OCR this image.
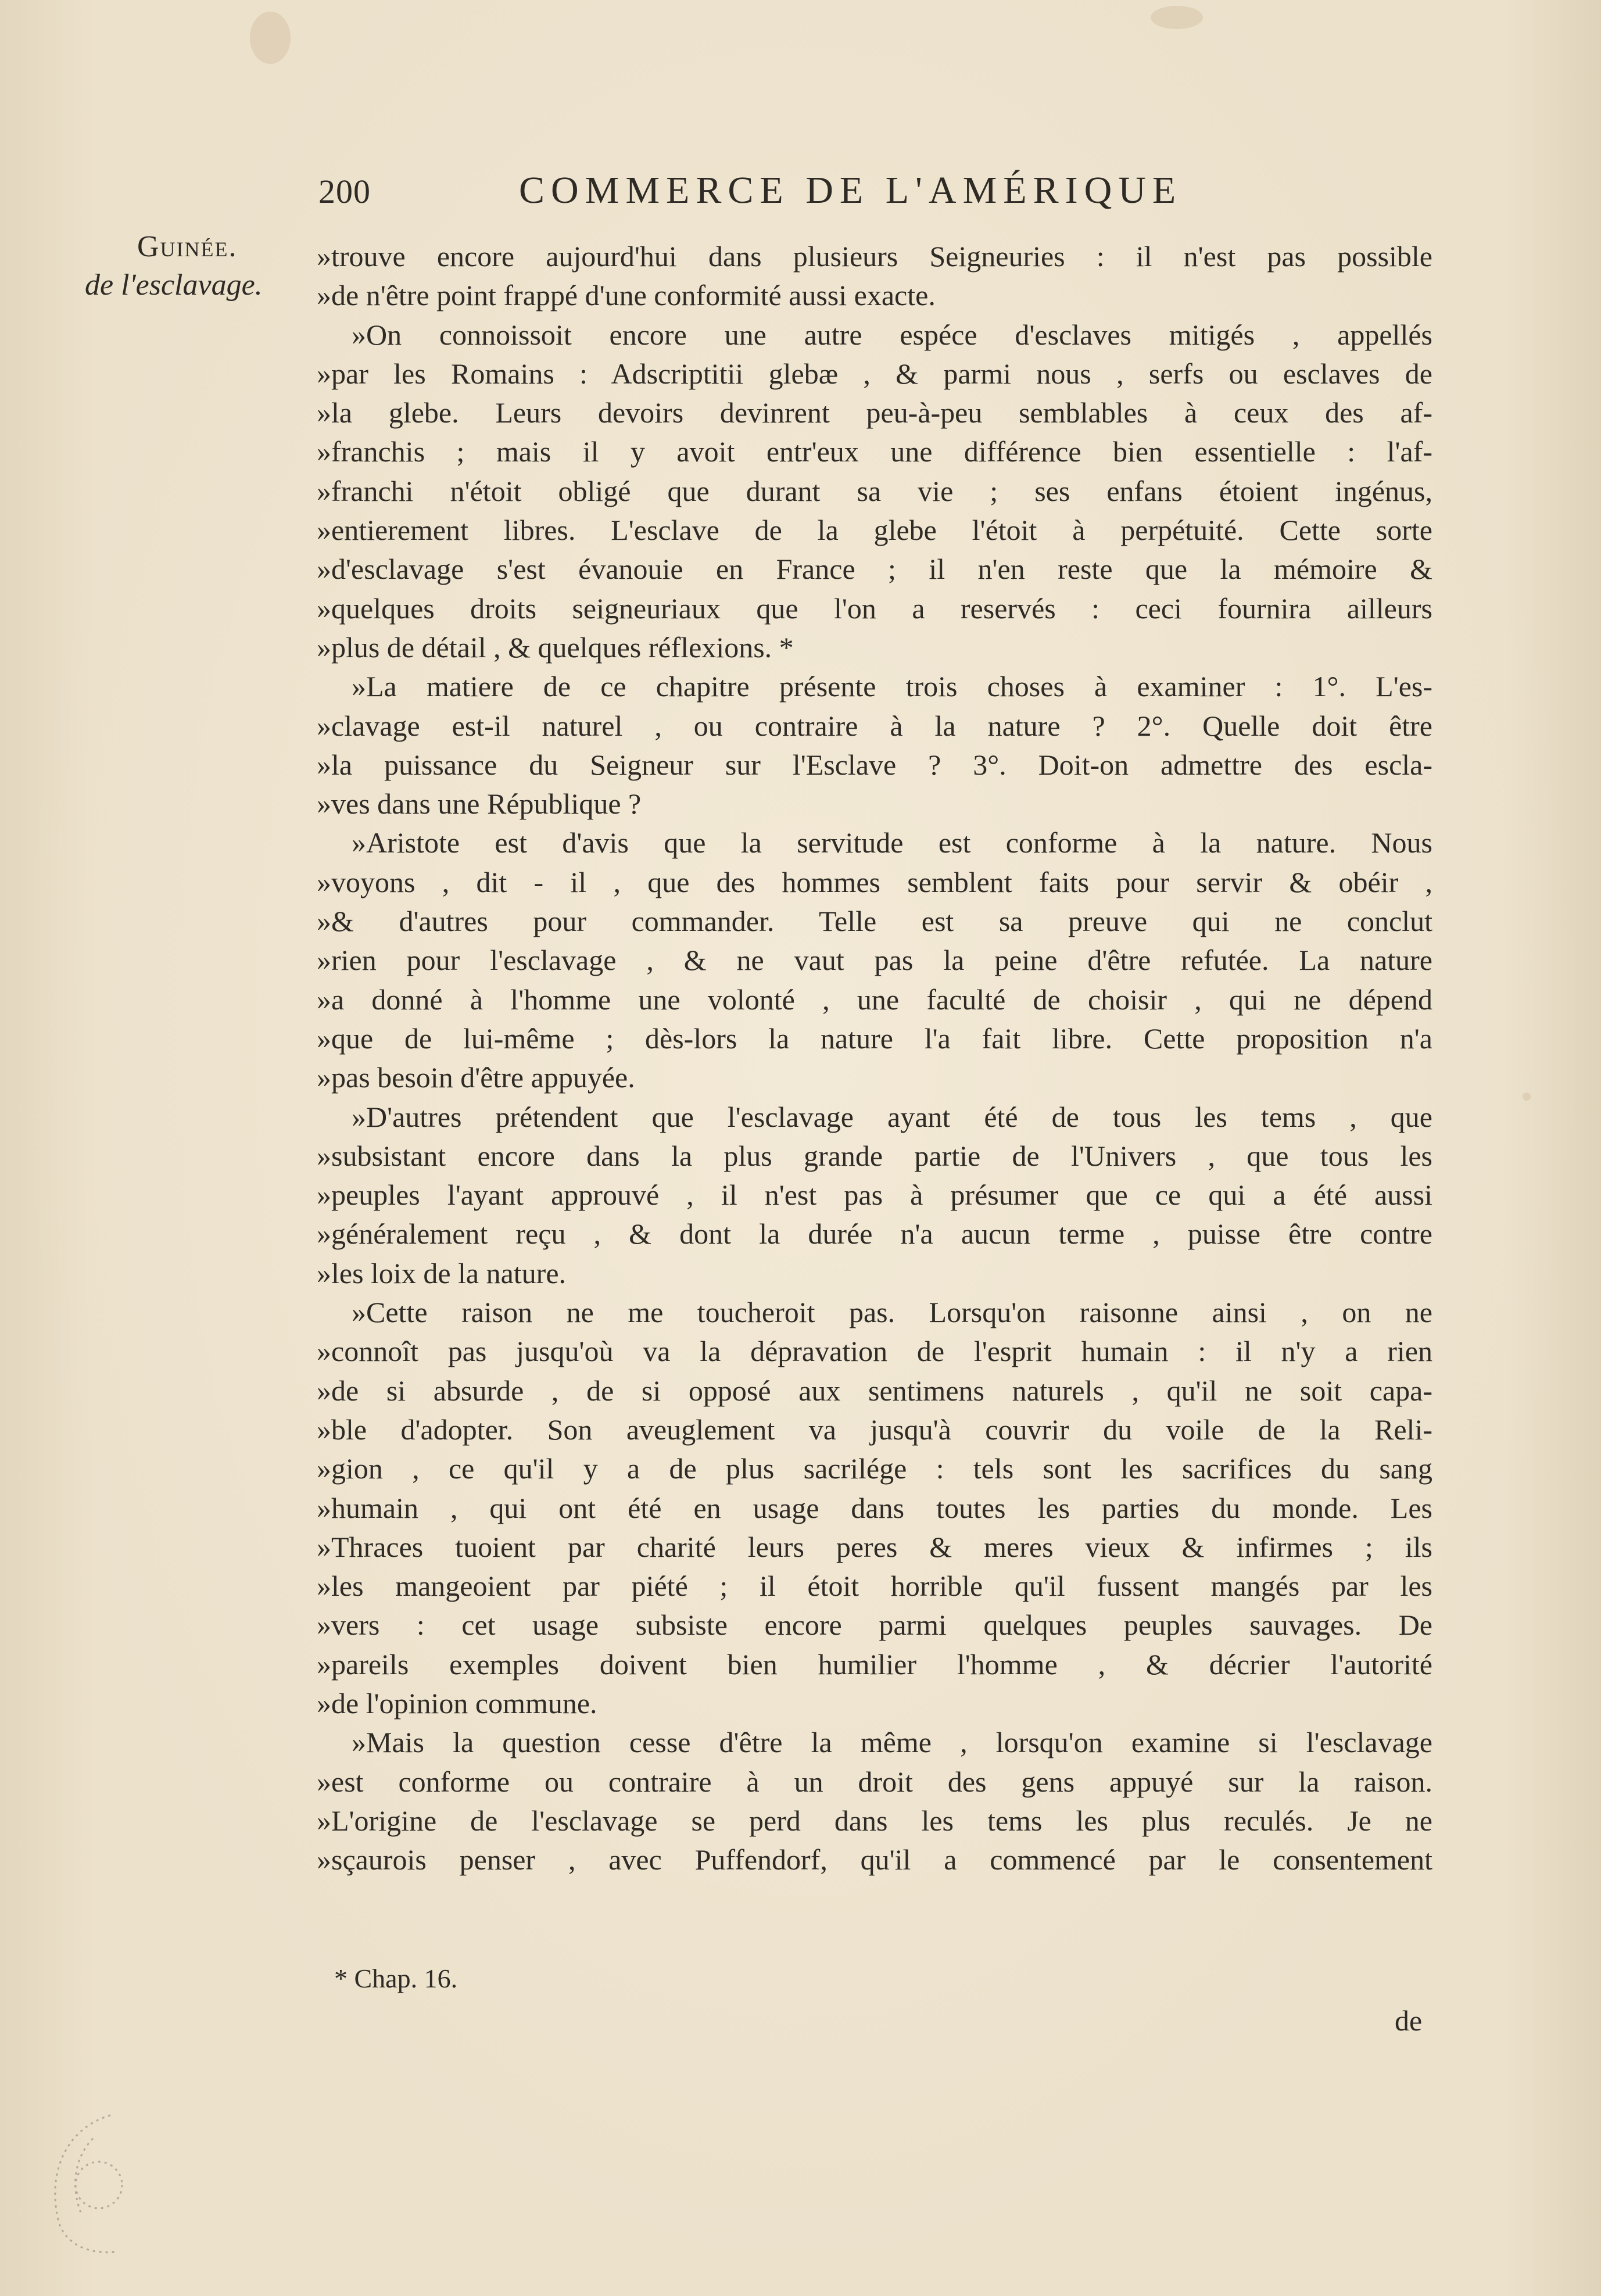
200	COMMERCE DE L'AMÉRIQUE
Guinée.
de l'esclavage.
»trouve encore aujourd'hui dans plusieurs Seigneuries : il n'est pas possible
»de n'être point frappé d'une conformité aussi exacte.
»On connoissoit encore une autre espéce d'esclaves mitigés , appellés
»par les Romains : Adscriptitii glebæ , & parmi nous , serfs ou esclaves de
»la glebe. Leurs devoirs devinrent peu-à-peu semblables à ceux des af-
»franchis ; mais il y avoit entr'eux une différence bien essentielle : l'af-
»franchi n'étoit obligé que durant sa vie ; ses enfans étoient ingénus,
»entierement libres. L'esclave de la glebe l'étoit à perpétuité. Cette sorte
»d'esclavage s'est évanouie en France ; il n'en reste que la mémoire &
»quelques droits seigneuriaux que l'on a reservés : ceci fournira ailleurs
»plus de détail , & quelques réflexions. *
»La matiere de ce chapitre présente trois choses à examiner : 1°. L'es-
»clavage est-il naturel , ou contraire à la nature ? 2°. Quelle doit être
»la puissance du Seigneur sur l'Esclave ? 3°. Doit-on admettre des escla-
»ves dans une République ?
»Aristote est d'avis que la servitude est conforme à la nature. Nous
»voyons , dit - il , que des hommes semblent faits pour servir & obéir ,
»& d'autres pour commander. Telle est sa preuve qui ne conclut
»rien pour l'esclavage , & ne vaut pas la peine d'être refutée. La nature
»a donné à l'homme une volonté , une faculté de choisir , qui ne dépend
»que de lui-même ; dès-lors la nature l'a fait libre. Cette proposition n'a
»pas besoin d'être appuyée.
»D'autres prétendent que l'esclavage ayant été de tous les tems , que
»subsistant encore dans la plus grande partie de l'Univers , que tous les
»peuples l'ayant approuvé , il n'est pas à présumer que ce qui a été aussi
»généralement reçu , & dont la durée n'a aucun terme , puisse être contre
»les loix de la nature.
»Cette raison ne me toucheroit pas. Lorsqu'on raisonne ainsi , on ne
»connoît pas jusqu'où va la dépravation de l'esprit humain : il n'y a rien
»de si absurde , de si opposé aux sentimens naturels , qu'il ne soit capa-
»ble d'adopter. Son aveuglement va jusqu'à couvrir du voile de la Reli-
»gion , ce qu'il y a de plus sacrilége : tels sont les sacrifices du sang
»humain , qui ont été en usage dans toutes les parties du monde. Les
»Thraces tuoient par charité leurs peres & meres vieux & infirmes ; ils
»les mangeoient par piété ; il étoit horrible qu'il fussent mangés par les
»vers : cet usage subsiste encore parmi quelques peuples sauvages. De
»pareils exemples doivent bien humilier l'homme , & décrier l'autorité
»de l'opinion commune.
»Mais la question cesse d'être la même , lorsqu'on examine si l'esclavage
»est conforme ou contraire à un droit des gens appuyé sur la raison.
»L'origine de l'esclavage se perd dans les tems les plus reculés. Je ne
»sçaurois penser , avec Puffendorf, qu'il a commencé par le consentement
* Chap. 16.
de
